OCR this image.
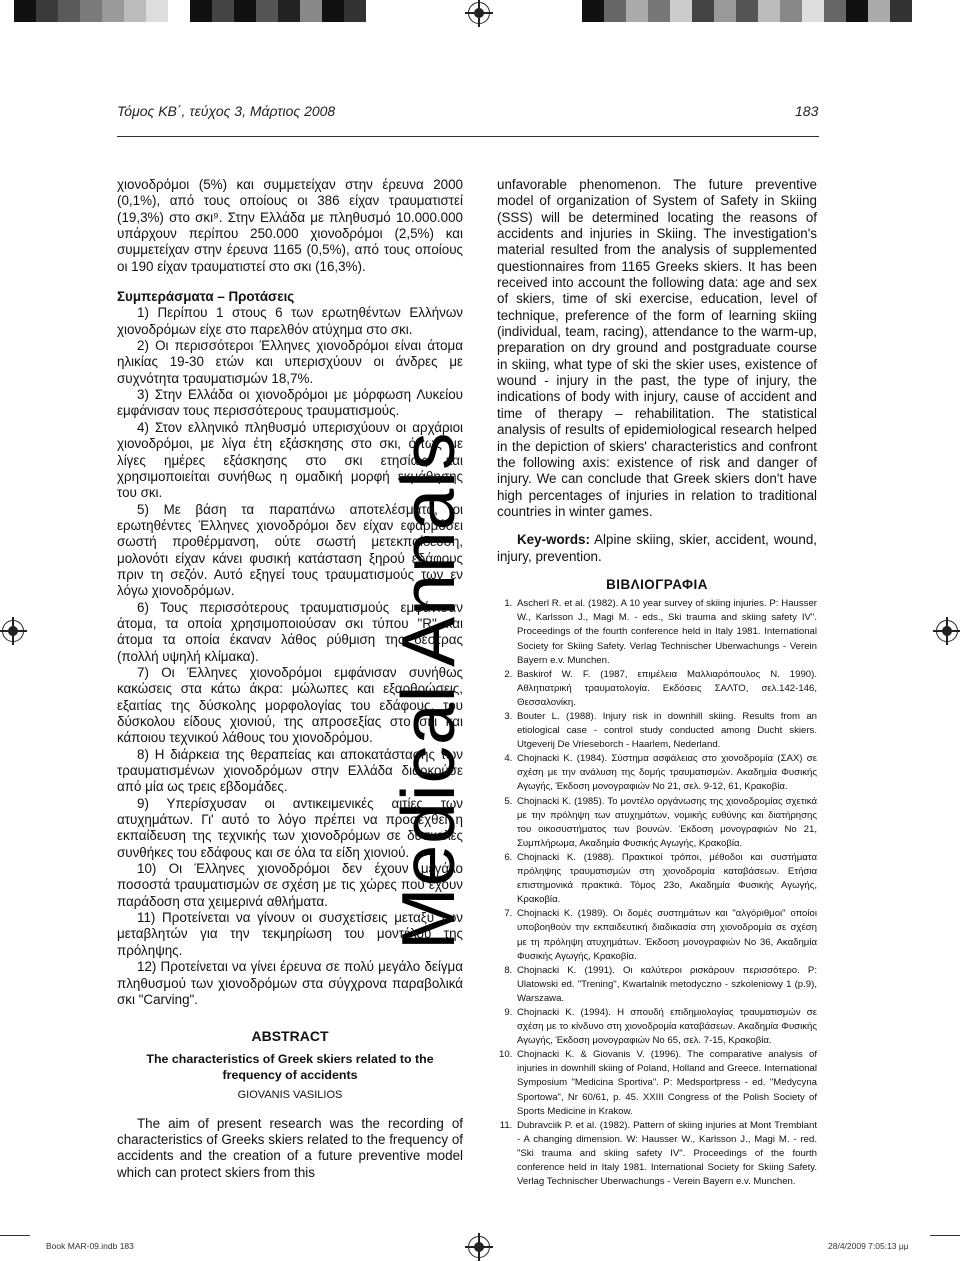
Τόμος ΚΒ΄, τεύχος 3, Μάρτιος 2008	183
Medical Annals

χιονοδρόμοι (5%) και συμμετείχαν στην έρευνα 2000 (0,1%), από τους οποίους οι 386 είχαν τραυματιστεί (19,3%) στο σκι⁹. Στην Ελλάδα με πληθυσμό 10.000.000 υπάρχουν περίπου 250.000 χιονοδρόμοι (2,5%) και συμμετείχαν στην έρευνα 1165 (0,5%), από τους οποίους οι 190 είχαν τραυματιστεί στο σκι (16,3%).

Συμπεράσματα – Προτάσεις

1) Περίπου 1 στους 6 των ερωτηθέντων Ελλήνων χιονοδρόμων είχε στο παρελθόν ατύχημα στο σκι.

2) Οι περισσότεροι Έλληνες χιονοδρόμοι είναι άτομα ηλικίας 19-30 ετών και υπερισχύουν οι άνδρες με συχνότητα τραυματισμών 18,7%.

3) Στην Ελλάδα οι χιονοδρόμοι με μόρφωση Λυκείου εμφάνισαν τους περισσότερους τραυματισμούς.

4) Στον ελληνικό πληθυσμό υπερισχύουν οι αρχάριοι χιονοδρόμοι, με λίγα έτη εξάσκησης στο σκι, όπως με λίγες ημέρες εξάσκησης στο σκι ετησίως και χρησιμοποιείται συνήθως η ομαδική μορφή εκμάθησης του σκι.

5) Με βάση τα παραπάνω αποτελέσματα, οι ερωτηθέντες Έλληνες χιονοδρόμοι δεν είχαν εφαρμόσει σωστή προθέρμανση, ούτε σωστή μετεκπαίδευση, μολονότι είχαν κάνει φυσική κατάσταση ξηρού εδάφους πριν τη σεζόν. Αυτό εξηγεί τους τραυματισμούς των εν λόγω χιονοδρόμων.

6) Τους περισσότερους τραυματισμούς εμφάνισαν άτομα, τα οποία χρησιμοποιούσαν σκι τύπου "R" και άτομα τα οποία έκαναν λάθος ρύθμιση της δέστρας (πολλή υψηλή κλίμακα).

7) Οι Έλληνες χιονοδρόμοι εμφάνισαν συνήθως κακώσεις στα κάτω άκρα: μώλωπες και εξαρθρώσεις, εξαιτίας της δύσκολης μορφολογίας του εδάφους, του δύσκολου είδους χιονιού, της απροσεξίας στο σκι και κάποιου τεχνικού λάθους του χιονοδρόμου.

8) Η διάρκεια της θεραπείας και αποκατάστασης των τραυματισμένων χιονοδρόμων στην Ελλάδα διαρκούσε από μία ως τρεις εβδομάδες.

9) Υπερίσχυσαν οι αντικειμενικές αιτίες των ατυχημάτων. Γι' αυτό το λόγο πρέπει να προσεχθεί η εκπαίδευση της τεχνικής των χιονοδρόμων σε δύσκολες συνθήκες του εδάφους και σε όλα τα είδη χιονιού.

10) Οι Έλληνες χιονοδρόμοι δεν έχουν μεγάλο ποσοστά τραυματισμών σε σχέση με τις χώρες που έχουν παράδοση στα χειμερινά αθλήματα.

11) Προτείνεται να γίνουν οι συσχετίσεις μεταξύ των μεταβλητών για την τεκμηρίωση του μοντέλου της πρόληψης.

12) Προτείνεται να γίνει έρευνα σε πολύ μεγάλο δείγμα πληθυσμού των χιονοδρόμων στα σύγχρονα παραβολικά σκι "Carving".

ABSTRACT

The characteristics of Greek skiers related to the frequency of accidents

GIOVANIS VASILIOS

The aim of present research was the recording of characteristics of Greeks skiers related to the frequency of accidents and the creation of a future preventive model which can protect skiers from this

unfavorable phenomenon. The future preventive model of organization of System of Safety in Skiing (SSS) will be determined locating the reasons of accidents and injuries in Skiing. The investigation's material resulted from the analysis of supplemented questionnaires from 1165 Greeks skiers. It has been received into account the following data: age and sex of skiers, time of ski exercise, education, level of technique, preference of the form of learning skiing (individual, team, racing), attendance to the warm-up, preparation on dry ground and postgraduate course in skiing, what type of ski the skier uses, existence of wound - injury in the past, the type of injury, the indications of body with injury, cause of accident and time of therapy – rehabilitation. The statistical analysis of results of epidemiological research helped in the depiction of skiers' characteristics and confront the following axis: existence of risk and danger of injury. We can conclude that Greek skiers don't have high percentages of injuries in relation to traditional countries in winter games.

Key-words: Alpine skiing, skier, accident, wound, injury, prevention.

ΒΙΒΛΙΟΓΡΑΦΙΑ

1. Ascherl R. et al. (1982). A 10 year survey of skiing injuries. P: Hausser W., Karlsson J., Magi M. - eds., Ski trauma and skiing safety IV". Proceedings of the fourth conference held in Italy 1981. International Society for Skiing Safety. Verlag Technischer Uberwachungs - Verein Bayern e.v. Munchen.
2. Baskirof W. F. (1987, επιμέλεια Μαλλιαρόπουλος Ν. 1990). Αθλητιατρική τραυματολογία. Εκδόσεις ΣΑΛΤΟ, σελ.142-146, Θεσσαλονίκη.
3. Bouter L. (1988). Injury risk in downhill skiing. Results from an etiological case - control study conducted among Ducht skiers. Utgeverij De Vrieseborch - Haarlem, Nederland.
4. Chojnacki K. (1984). Σύστημα ασφάλειας στο χιονοδρομία (ΣΑΧ) σε σχέση με την ανάλυση της δομής τραυματισμών. Ακαδημία Φυσικής Αγωγής, Έκδοση μονογραφιών Νο 21, σελ. 9-12, 61, Κρακοβία.
5. Chojnacki K. (1985). Το μοντέλο οργάνωσης της χιονοδρομίας σχετικά με την πρόληψη των ατυχημάτων, νομικής ευθύνης και διατήρησης του οικοσυστήματος των βουνών. Έκδοση μονογραφιών Νο 21, Συμπλήρωμα, Ακαδημία Φυσικής Αγωγής, Κρακοβία.
6. Chojnacki K. (1988). Πρακτικοί τρόποι, μέθοδοι και συστήματα πρόληψης τραυματισμών στη χιονοδρομία καταβάσεων. Ετήσια επιστημονικά πρακτικά. Τόμος 23ο, Ακαδημία Φυσικής Αγωγής, Κρακοβία.
7. Chojnacki K. (1989). Οι δομές συστημάτων και "αλγόριθμοι" οποίοι υποβοηθούν την εκπαιδευτική διαδικασία στη χιονοδρομία σε σχέση με τη πρόληψη ατυχημάτων. Έκδοση μονογραφιών Νο 36, Ακαδημία Φυσικής Αγωγής, Κρακοβία.
8. Chojnacki K. (1991). Οι καλύτεροι ρισκάρουν περισσότερο. P: Ulatowski ed. "Trening", Kwartalnik metodyczno - szkoleniowy 1 (p.9), Warszawa.
9. Chojnacki K. (1994). Η σπουδή επιδημιολογίας τραυματισμών σε σχέση με το κίνδυνο στη χιονοδρομία καταβάσεων. Ακαδημία Φυσικής Αγωγής, Έκδοση μονογραφιών Νο 65, σελ. 7-15, Κρακοβία.
10. Chojnacki K. & Giovanis V. (1996). The comparative analysis of injuries in downhill skiing of Poland, Holland and Greece. International Symposium "Medicina Sportiva". P: Medsportpress - ed. "Medycyna Sportowa", Nr 60/61, p. 45. XXIII Congress of the Polish Society of Sports Medicine in Krakow.
11. Dubravciik P. et al. (1982). Pattern of skiing injuries at Mont Tremblant - A changing dimension. W: Hausser W., Karlsson J., Magi M. - red. "Ski trauma and skiing safety IV". Proceedings of the fourth conference held in Italy 1981. International Society for Skiing Safety. Verlag Technischer Uberwachungs - Verein Bayern e.v. Munchen.
Book MAR-09.indb 183	28/4/2009 7:05:13 μμ
